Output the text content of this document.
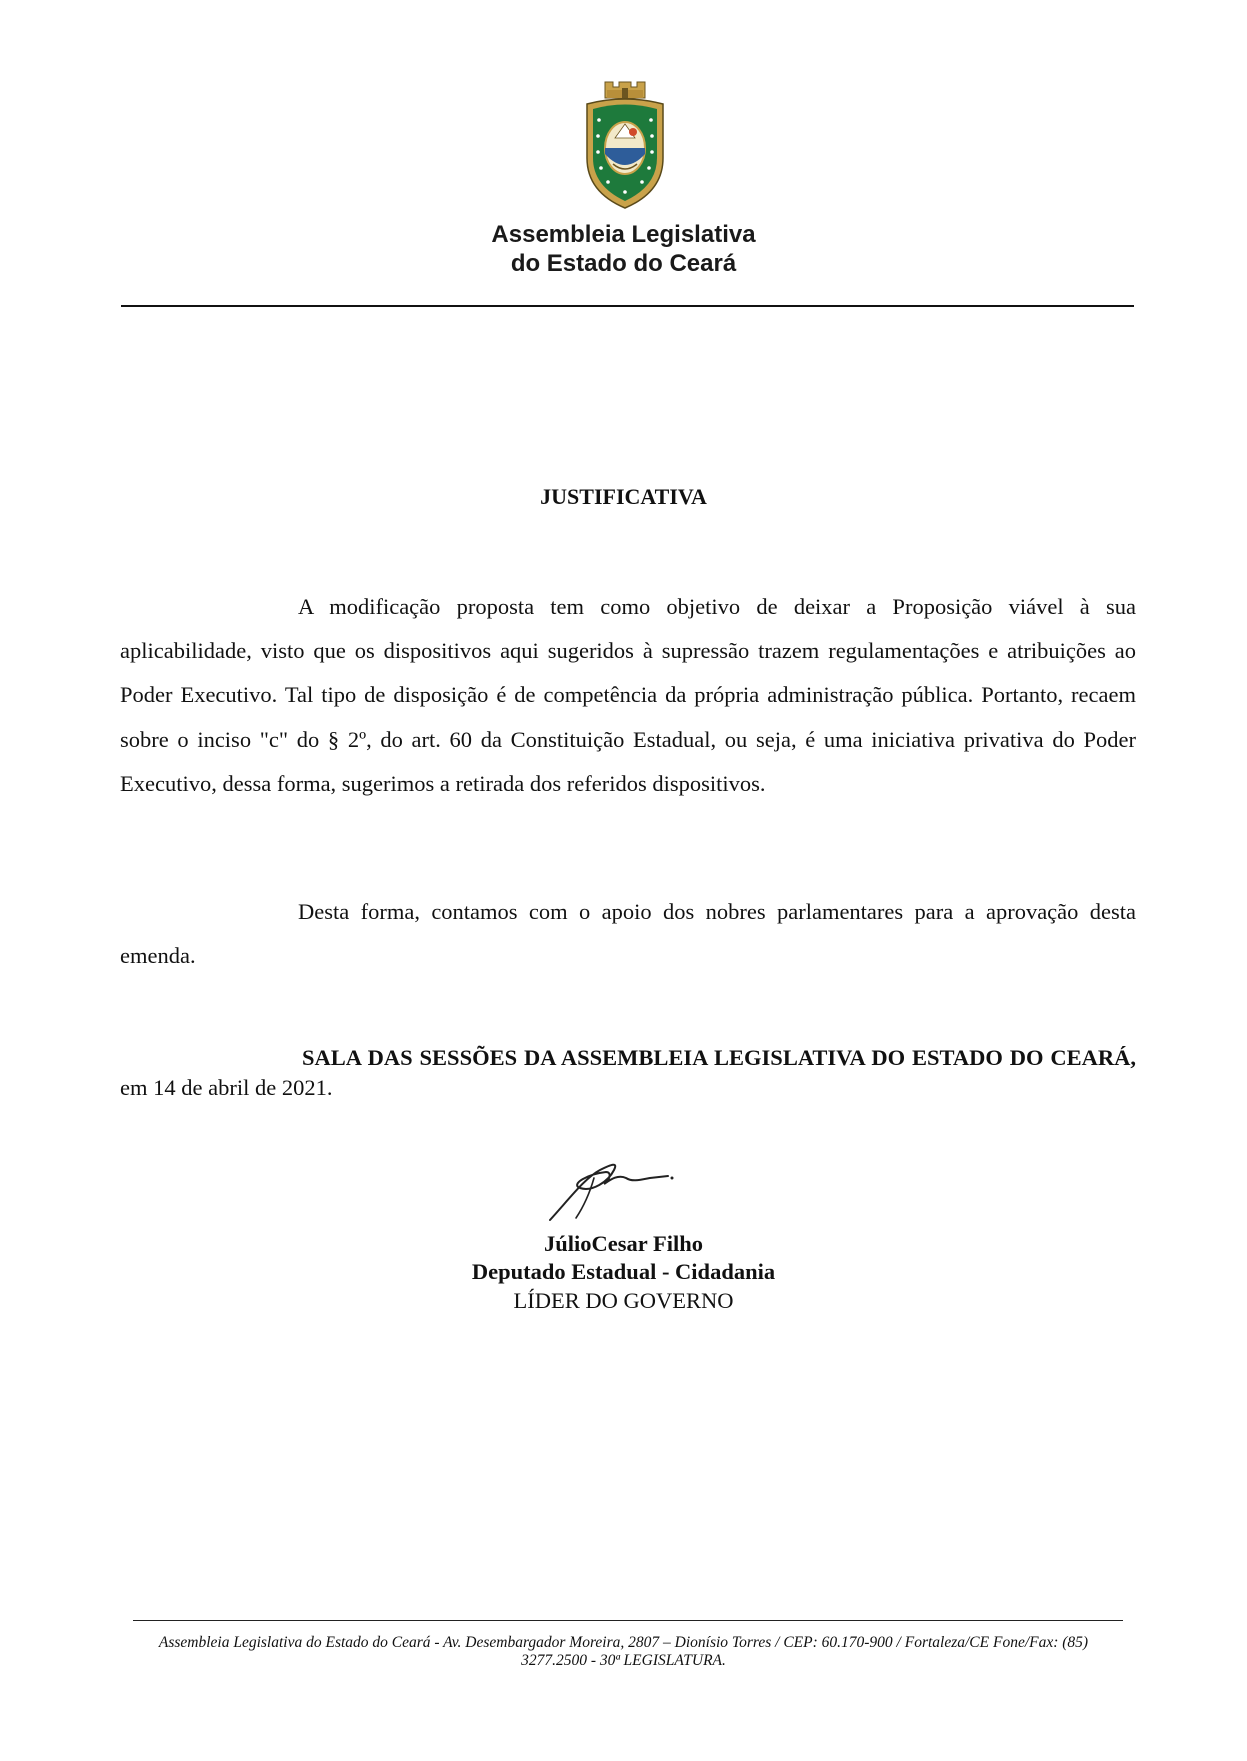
Assembleia Legislativa
do Estado do Ceará
JUSTIFICATIVA

A modificação proposta tem como objetivo de deixar a Proposição viável à sua aplicabilidade, visto que os dispositivos aqui sugeridos à supressão trazem regulamentações e atribuições ao Poder Executivo. Tal tipo de disposição é de competência da própria administração pública. Portanto, recaem sobre o inciso "c" do § 2º, do art. 60 da Constituição Estadual, ou seja, é uma iniciativa privativa do Poder Executivo, dessa forma, sugerimos a retirada dos referidos dispositivos.

Desta forma, contamos com o apoio dos nobres parlamentares para a aprovação desta emenda.

SALA DAS SESSÕES DA ASSEMBLEIA LEGISLATIVA DO ESTADO DO CEARÁ, em 14 de abril de 2021.

JúlioCesar Filho
Deputado Estadual - Cidadania
LÍDER DO GOVERNO
Assembleia Legislativa do Estado do Ceará - Av. Desembargador Moreira, 2807 – Dionísio Torres / CEP: 60.170-900 / Fortaleza/CE Fone/Fax: (85)
3277.2500 - 30ª LEGISLATURA.
